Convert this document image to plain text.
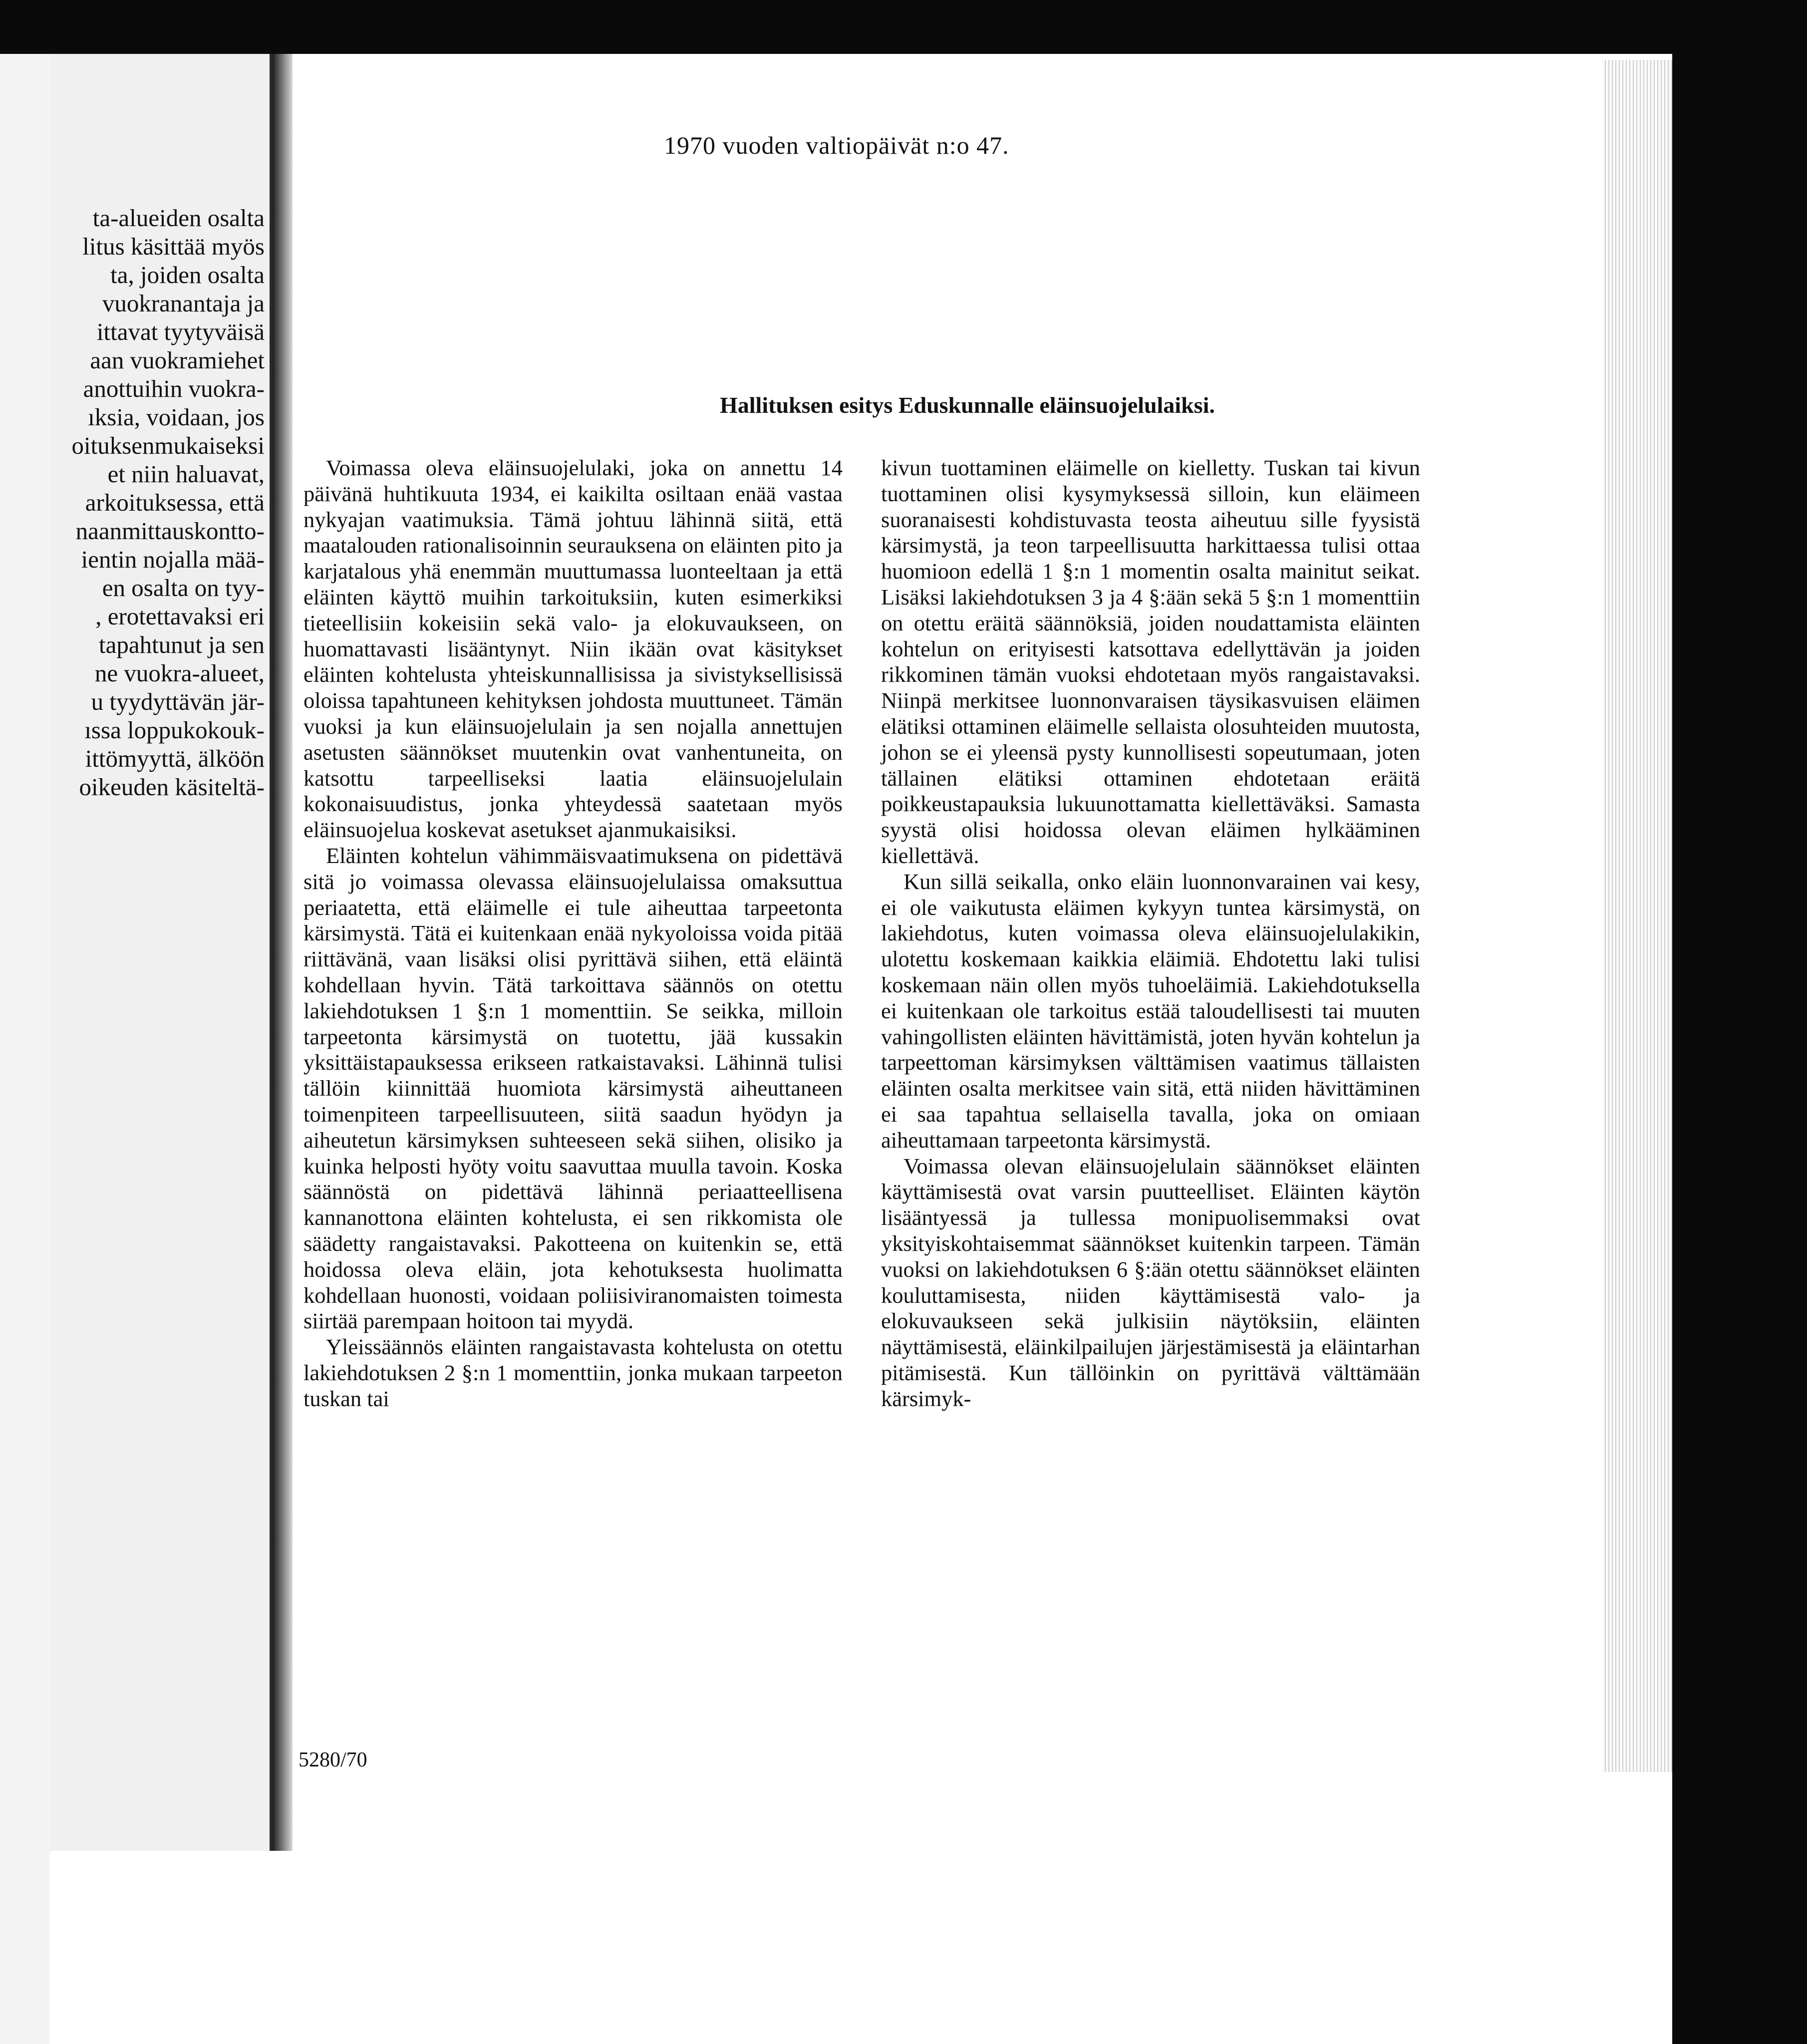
ta-alueiden osalta
litus käsittää myös
ta, joiden osalta
vuokranantaja ja
ittavat tyytyväisä
aan vuokramiehet
anottuihin vuokra-
ıksia, voidaan, jos
oituksenmukaiseksi
et niin haluavat,
arkoituksessa, että
naanmittauskontto-
ientin nojalla mää-
en osalta on tyy-
, erotettavaksi eri
tapahtunut ja sen
ne vuokra-alueet,
u tyydyttävän jär-
ıssa loppukokouk-
ittömyyttä, älköön
oikeuden käsiteltä-
1970 vuoden valtiopäivät n:o 47.
Hallituksen esitys Eduskunnalle eläinsuojelulaiksi.

Voimassa oleva eläinsuojelulaki, joka on annettu 14 päivänä huhtikuuta 1934, ei kaikilta osiltaan enää vastaa nykyajan vaatimuksia. Tämä johtuu lähinnä siitä, että maatalouden rationalisoinnin seurauksena on eläinten pito ja karjatalous yhä enemmän muuttumassa luonteeltaan ja että eläinten käyttö muihin tarkoituksiin, kuten esimerkiksi tieteellisiin kokeisiin sekä valo- ja elokuvaukseen, on huomattavasti lisääntynyt. Niin ikään ovat käsitykset eläinten kohtelusta yhteiskunnallisissa ja sivistyksellisissä oloissa tapahtuneen kehityksen johdosta muuttuneet. Tämän vuoksi ja kun eläinsuojelulain ja sen nojalla annettujen asetusten säännökset muutenkin ovat vanhentuneita, on katsottu tarpeelliseksi laatia eläinsuojelulain kokonaisuudistus, jonka yhteydessä saatetaan myös eläinsuojelua koskevat asetukset ajanmukaisiksi.

Eläinten kohtelun vähimmäisvaatimuksena on pidettävä sitä jo voimassa olevassa eläinsuojelulaissa omaksuttua periaatetta, että eläimelle ei tule aiheuttaa tarpeetonta kärsimystä. Tätä ei kuitenkaan enää nykyoloissa voida pitää riittävänä, vaan lisäksi olisi pyrittävä siihen, että eläintä kohdellaan hyvin. Tätä tarkoittava säännös on otettu lakiehdotuksen 1 §:n 1 momenttiin. Se seikka, milloin tarpeetonta kärsimystä on tuotettu, jää kussakin yksittäistapauksessa erikseen ratkaistavaksi. Lähinnä tulisi tällöin kiinnittää huomiota kärsimystä aiheuttaneen toimenpiteen tarpeellisuuteen, siitä saadun hyödyn ja aiheutetun kärsimyksen suhteeseen sekä siihen, olisiko ja kuinka helposti hyöty voitu saavuttaa muulla tavoin. Koska säännöstä on pidettävä lähinnä periaatteellisena kannanottona eläinten kohtelusta, ei sen rikkomista ole säädetty rangaistavaksi. Pakotteena on kuitenkin se, että hoidossa oleva eläin, jota kehotuksesta huolimatta kohdellaan huonosti, voidaan poliisiviranomaisten toimesta siirtää parempaan hoitoon tai myydä.

Yleissäännös eläinten rangaistavasta kohtelusta on otettu lakiehdotuksen 2 §:n 1 momenttiin, jonka mukaan tarpeeton tuskan tai

kivun tuottaminen eläimelle on kielletty. Tuskan tai kivun tuottaminen olisi kysymyksessä silloin, kun eläimeen suoranaisesti kohdistuvasta teosta aiheutuu sille fyysistä kärsimystä, ja teon tarpeellisuutta harkittaessa tulisi ottaa huomioon edellä 1 §:n 1 momentin osalta mainitut seikat. Lisäksi lakiehdotuksen 3 ja 4 §:ään sekä 5 §:n 1 momenttiin on otettu eräitä säännöksiä, joiden noudattamista eläinten kohtelun on erityisesti katsottava edellyttävän ja joiden rikkominen tämän vuoksi ehdotetaan myös rangaistavaksi. Niinpä merkitsee luonnonvaraisen täysikasvuisen eläimen elätiksi ottaminen eläimelle sellaista olosuhteiden muutosta, johon se ei yleensä pysty kunnollisesti sopeutumaan, joten tällainen elätiksi ottaminen ehdotetaan eräitä poikkeustapauksia lukuunottamatta kiellettäväksi. Samasta syystä olisi hoidossa olevan eläimen hylkääminen kiellettävä.

Kun sillä seikalla, onko eläin luonnonvarainen vai kesy, ei ole vaikutusta eläimen kykyyn tuntea kärsimystä, on lakiehdotus, kuten voimassa oleva eläinsuojelulakikin, ulotettu koskemaan kaikkia eläimiä. Ehdotettu laki tulisi koskemaan näin ollen myös tuhoeläimiä. Lakiehdotuksella ei kuitenkaan ole tarkoitus estää taloudellisesti tai muuten vahingollisten eläinten hävittämistä, joten hyvän kohtelun ja tarpeettoman kärsimyksen välttämisen vaatimus tällaisten eläinten osalta merkitsee vain sitä, että niiden hävittäminen ei saa tapahtua sellaisella tavalla, joka on omiaan aiheuttamaan tarpeetonta kärsimystä.

Voimassa olevan eläinsuojelulain säännökset eläinten käyttämisestä ovat varsin puutteelliset. Eläinten käytön lisääntyessä ja tullessa monipuolisemmaksi ovat yksityiskohtaisemmat säännökset kuitenkin tarpeen. Tämän vuoksi on lakiehdotuksen 6 §:ään otettu säännökset eläinten kouluttamisesta, niiden käyttämisestä valo- ja elokuvaukseen sekä julkisiin näytöksiin, eläinten näyttämisestä, eläinkilpailujen järjestämisestä ja eläintarhan pitämisestä. Kun tällöinkin on pyrittävä välttämään kärsimyk-

5280/70
